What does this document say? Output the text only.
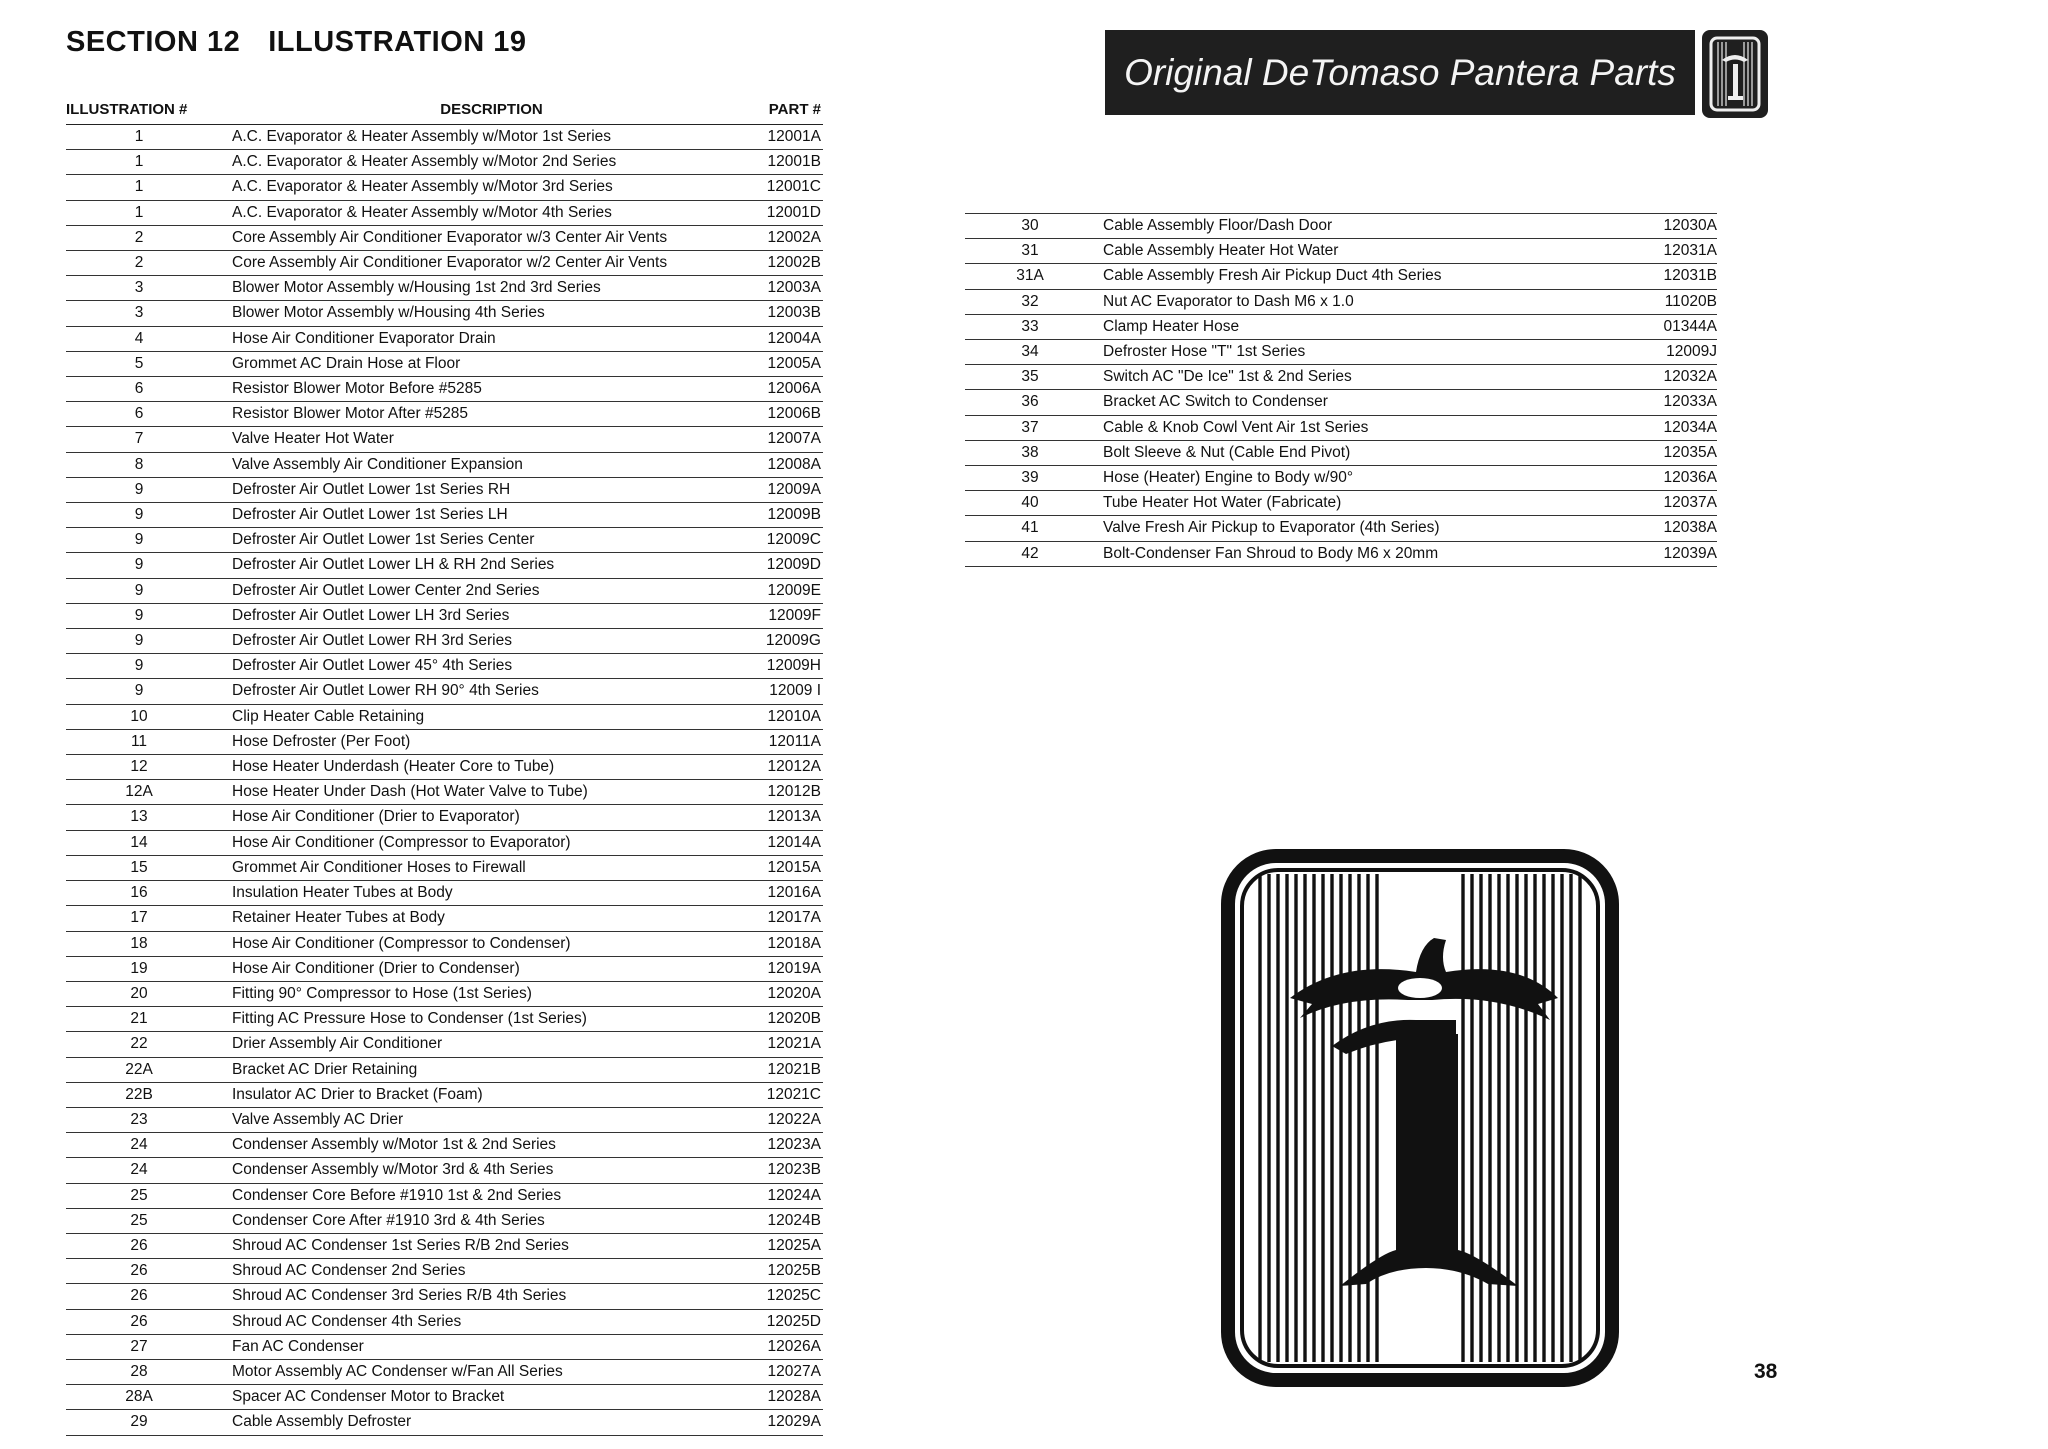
SECTION 12 ILLUSTRATION 19
ILLUSTRATION #	DESCRIPTION	PART #
1	A.C. Evaporator & Heater Assembly w/Motor 1st Series	12001A
1	A.C. Evaporator & Heater Assembly w/Motor 2nd Series	12001B
1	A.C. Evaporator & Heater Assembly w/Motor 3rd Series	12001C
1	A.C. Evaporator & Heater Assembly w/Motor 4th Series	12001D
2	Core Assembly Air Conditioner Evaporator w/3 Center Air Vents	12002A
2	Core Assembly Air Conditioner Evaporator w/2 Center Air Vents	12002B
3	Blower Motor Assembly w/Housing 1st 2nd 3rd Series	12003A
3	Blower Motor Assembly w/Housing 4th Series	12003B
4	Hose Air Conditioner Evaporator Drain	12004A
5	Grommet AC Drain Hose at Floor	12005A
6	Resistor Blower Motor Before #5285	12006A
6	Resistor Blower Motor After #5285	12006B
7	Valve Heater Hot Water	12007A
8	Valve Assembly Air Conditioner Expansion	12008A
9	Defroster Air Outlet Lower 1st Series RH	12009A
9	Defroster Air Outlet Lower 1st Series LH	12009B
9	Defroster Air Outlet Lower 1st Series Center	12009C
9	Defroster Air Outlet Lower LH & RH 2nd Series	12009D
9	Defroster Air Outlet Lower Center 2nd Series	12009E
9	Defroster Air Outlet Lower LH 3rd Series	12009F
9	Defroster Air Outlet Lower RH 3rd Series	12009G
9	Defroster Air Outlet Lower 45° 4th Series	12009H
9	Defroster Air Outlet Lower RH 90° 4th Series	12009 I
10	Clip Heater Cable Retaining	12010A
11	Hose Defroster (Per Foot)	12011A
12	Hose Heater Underdash (Heater Core to Tube)	12012A
12A	Hose Heater Under Dash (Hot Water Valve to Tube)	12012B
13	Hose Air Conditioner (Drier to Evaporator)	12013A
14	Hose Air Conditioner (Compressor to Evaporator)	12014A
15	Grommet Air Conditioner Hoses to Firewall	12015A
16	Insulation Heater Tubes at Body	12016A
17	Retainer Heater Tubes at Body	12017A
18	Hose Air Conditioner (Compressor to Condenser)	12018A
19	Hose Air Conditioner (Drier to Condenser)	12019A
20	Fitting 90° Compressor to Hose (1st Series)	12020A
21	Fitting AC Pressure Hose to Condenser (1st Series)	12020B
22	Drier Assembly Air Conditioner	12021A
22A	Bracket AC Drier Retaining	12021B
22B	Insulator AC Drier to Bracket (Foam)	12021C
23	Valve Assembly AC Drier	12022A
24	Condenser Assembly w/Motor 1st & 2nd Series	12023A
24	Condenser Assembly w/Motor 3rd & 4th Series	12023B
25	Condenser Core Before #1910 1st & 2nd Series	12024A
25	Condenser Core After #1910 3rd & 4th Series	12024B
26	Shroud AC Condenser 1st Series R/B 2nd Series	12025A
26	Shroud AC Condenser 2nd Series	12025B
26	Shroud AC Condenser 3rd Series R/B 4th Series	12025C
26	Shroud AC Condenser 4th Series	12025D
27	Fan AC Condenser	12026A
28	Motor Assembly AC Condenser w/Fan All Series	12027A
28A	Spacer AC Condenser Motor to Bracket	12028A
29	Cable Assembly Defroster	12029A
30	Cable Assembly Floor/Dash Door	12030A
31	Cable Assembly Heater Hot Water	12031A
31A	Cable Assembly Fresh Air Pickup Duct 4th Series	12031B
32	Nut AC Evaporator to Dash M6 x 1.0	11020B
33	Clamp Heater Hose	01344A
34	Defroster Hose "T" 1st Series	12009J
35	Switch AC "De Ice" 1st & 2nd Series	12032A
36	Bracket AC Switch to Condenser	12033A
37	Cable & Knob Cowl Vent Air 1st Series	12034A
38	Bolt Sleeve & Nut (Cable End Pivot)	12035A
39	Hose (Heater) Engine to Body w/90°	12036A
40	Tube Heater Hot Water (Fabricate)	12037A
41	Valve Fresh Air Pickup to Evaporator (4th Series)	12038A
42	Bolt-Condenser Fan Shroud to Body M6 x 20mm	12039A
Original DeTomaso Pantera Parts
38
